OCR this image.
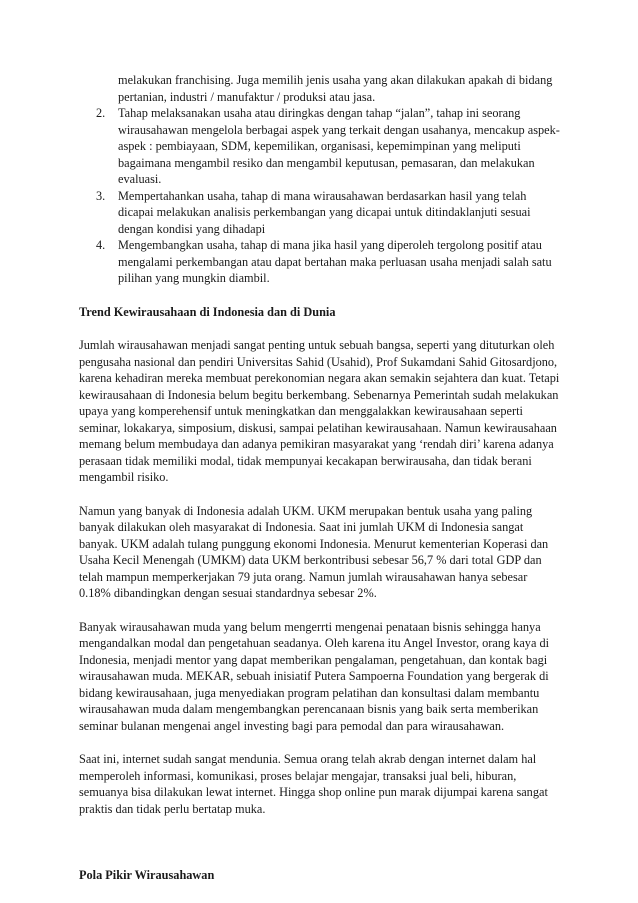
melakukan franchising. Juga memilih jenis usaha yang akan dilakukan apakah di bidang pertanian, industri / manufaktur / produksi atau jasa.
2. Tahap melaksanakan usaha atau diringkas dengan tahap “jalan”, tahap ini seorang wirausahawan mengelola berbagai aspek yang terkait dengan usahanya, mencakup aspek-aspek : pembiayaan, SDM, kepemilikan, organisasi, kepemimpinan yang meliputi bagaimana mengambil resiko dan mengambil keputusan, pemasaran, dan melakukan evaluasi.
3. Mempertahankan usaha, tahap di mana wirausahawan berdasarkan hasil yang telah dicapai melakukan analisis perkembangan yang dicapai untuk ditindaklanjuti sesuai dengan kondisi yang dihadapi
4. Mengembangkan usaha, tahap di mana jika hasil yang diperoleh tergolong positif atau mengalami perkembangan atau dapat bertahan maka perluasan usaha menjadi salah satu pilihan yang mungkin diambil.
Trend Kewirausahaan di Indonesia dan di Dunia

Jumlah wirausahawan menjadi sangat penting untuk sebuah bangsa, seperti yang dituturkan oleh pengusaha nasional dan pendiri Universitas Sahid (Usahid), Prof Sukamdani Sahid Gitosardjono, karena kehadiran mereka membuat perekonomian negara akan semakin sejahtera dan kuat. Tetapi kewirausahaan di Indonesia belum begitu berkembang. Sebenarnya Pemerintah sudah melakukan upaya yang komperehensif untuk meningkatkan dan menggalakkan kewirausahaan seperti seminar, lokakarya, simposium, diskusi, sampai pelatihan kewirausahaan. Namun kewirausahaan memang belum membudaya dan adanya pemikiran masyarakat yang ‘rendah diri’ karena adanya perasaan tidak memiliki modal, tidak mempunyai kecakapan berwirausaha, dan tidak berani mengambil risiko.

Namun yang banyak di Indonesia adalah UKM. UKM merupakan bentuk usaha yang paling banyak dilakukan oleh masyarakat di Indonesia. Saat ini jumlah UKM di Indonesia sangat banyak. UKM adalah tulang punggung ekonomi Indonesia. Menurut kementerian Koperasi dan Usaha Kecil Menengah (UMKM) data UKM berkontribusi sebesar 56,7 % dari total GDP dan telah mampun memperkerjakan 79 juta orang. Namun jumlah wirausahawan hanya sebesar 0.18% dibandingkan dengan sesuai standardnya sebesar 2%.

Banyak wirausahawan muda yang belum mengerrti mengenai penataan bisnis sehingga hanya mengandalkan modal dan pengetahuan seadanya. Oleh karena itu Angel Investor, orang kaya di Indonesia, menjadi mentor yang dapat memberikan pengalaman, pengetahuan, dan kontak bagi wirausahawan muda. MEKAR, sebuah inisiatif Putera Sampoerna Foundation yang bergerak di bidang kewirausahaan, juga menyediakan program pelatihan dan konsultasi dalam membantu wirausahawan muda dalam mengembangkan perencanaan bisnis yang baik serta memberikan seminar bulanan mengenai angel investing bagi para pemodal dan para wirausahawan.

Saat ini, internet sudah sangat mendunia. Semua orang telah akrab dengan internet dalam hal memperoleh informasi, komunikasi, proses belajar mengajar, transaksi jual beli, hiburan, semuanya bisa dilakukan lewat internet. Hingga shop online pun marak dijumpai karena sangat praktis dan tidak perlu bertatap muka.

Pola Pikir Wirausahawan
